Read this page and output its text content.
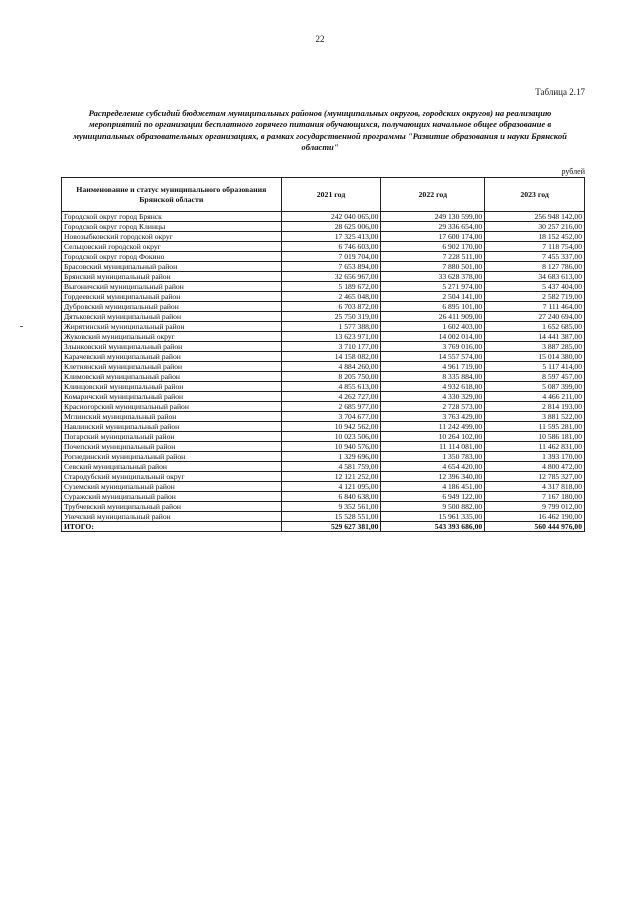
22
Таблица 2.17
Распределение субсидий бюджетам муниципальных районов (муниципальных округов, городских округов) на реализацию мероприятий по организации бесплатного горячего питания обучающихся, получающих начальное общее образование в муниципальных образовательных организациях, в рамках государственной программы "Развитие образования и науки Брянской области"
рублей
Наименование и статус муниципального образования Брянской области	2021 год	2022 год	2023 год
Городской округ город Брянск	242 040 065,00	249 130 599,00	256 948 142,00
Городской округ город Клинцы	28 625 006,00	29 336 654,00	30 257 216,00
Новозыбковский городской округ	17 325 413,00	17 600 174,00	18 152 452,00
Сельцовский городской округ	6 746 603,00	6 902 170,00	7 118 754,00
Городской округ город Фокино	7 019 704,00	7 228 511,00	7 455 337,00
Брасовский муниципальный район	7 653 894,00	7 880 501,00	8 127 786,00
Брянский муниципальный район	32 656 967,00	33 628 378,00	34 683 613,00
Выгоничский муниципальный район	5 189 672,00	5 271 974,00	5 437 404,00
Гордеевский муниципальный район	2 465 048,00	2 504 141,00	2 582 719,00
Дубровский муниципальный район	6 703 872,00	6 895 101,00	7 111 464,00
Дятьковский муниципальный район	25 750 319,00	26 411 909,00	27 240 694,00
Жирятинский муниципальный район	1 577 388,00	1 602 403,00	1 652 685,00
Жуковский муниципальный округ	13 623 971,00	14 002 014,00	14 441 387,00
Злынковский муниципальный район	3 710 177,00	3 769 016,00	3 887 285,00
Карачевский муниципальный район	14 158 082,00	14 557 574,00	15 014 380,00
Клетнянский муниципальный район	4 884 260,00	4 961 719,00	5 117 414,00
Климовский муниципальный район	8 205 750,00	8 335 884,00	8 597 457,00
Клинцовский муниципальный район	4 855 613,00	4 932 618,00	5 087 399,00
Комаричский муниципальный район	4 262 727,00	4 330 329,00	4 466 211,00
Красногорский муниципальный район	2 685 977,00	2 728 573,00	2 814 193,00
Мглинский муниципальный район	3 704 677,00	3 763 429,00	3 881 522,00
Навлинский муниципальный район	10 942 562,00	11 242 499,00	11 595 281,00
Погарский муниципальный район	10 023 506,00	10 264 102,00	10 586 181,00
Почепский муниципальный район	10 940 576,00	11 114 081,00	11 462 831,00
Рогнединский муниципальный район	1 329 696,00	1 350 783,00	1 393 170,00
Севский муниципальный район	4 581 759,00	4 654 420,00	4 800 472,00
Стародубский муниципальный округ	12 121 252,00	12 396 340,00	12 785 327,00
Суземский муниципальный район	4 121 095,00	4 186 451,00	4 317 818,00
Суражский муниципальный район	6 840 638,00	6 949 122,00	7 167 180,00
Трубчевский муниципальный район	9 352 561,00	9 500 882,00	9 799 012,00
Унечский муниципальный район	15 528 551,00	15 961 335,00	16 462 190,00
ИТОГО:	529 627 381,00	543 393 686,00	560 444 976,00
